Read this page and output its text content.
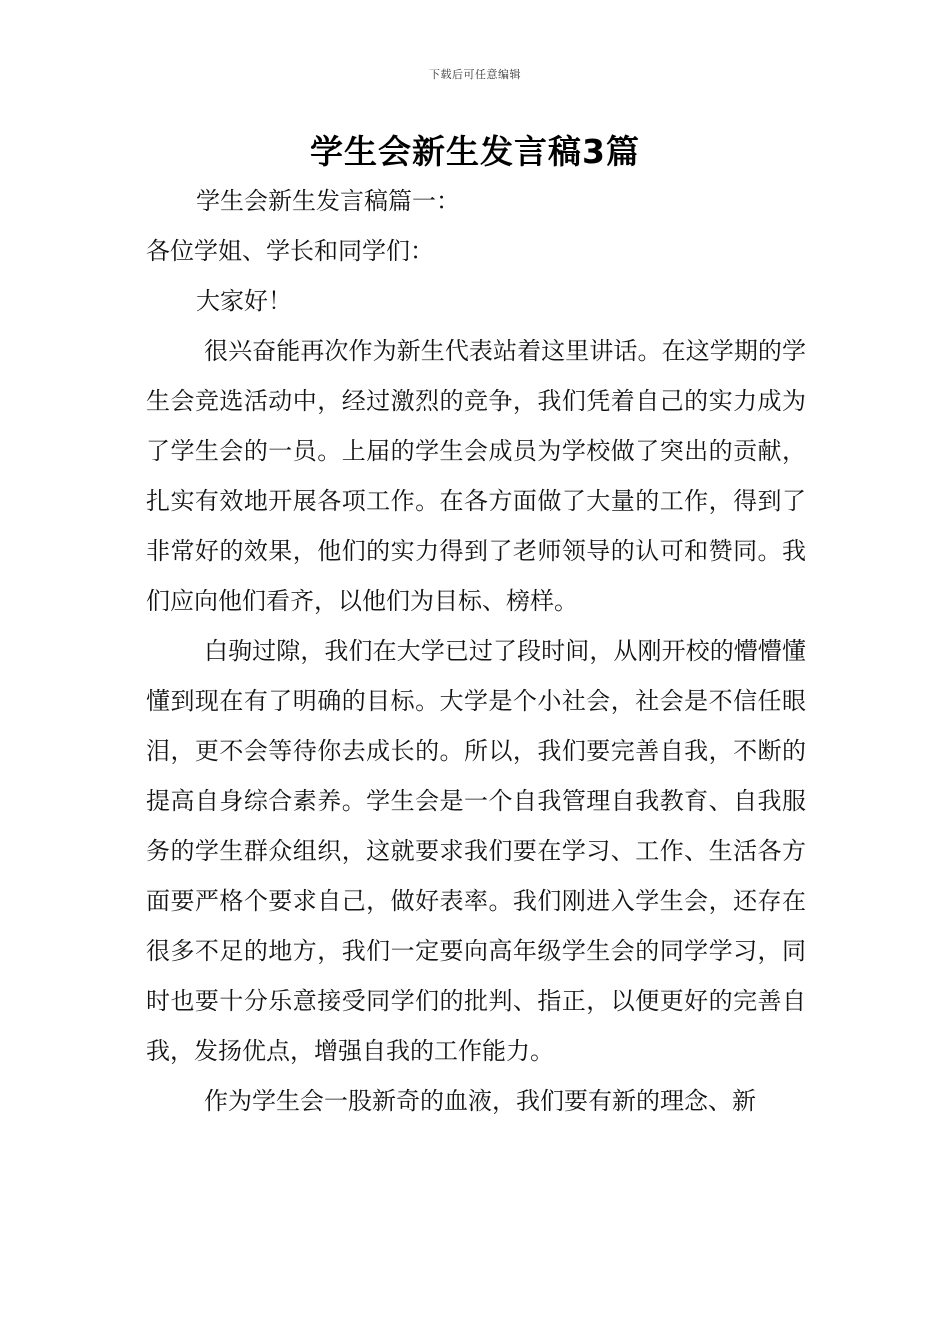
下载后可任意编辑
学生会新生发言稿3篇

学生会新生发言稿篇一：

各位学姐、学长和同学们：

大家好！

很兴奋能再次作为新生代表站着这里讲话。在这学期的学生会竞选活动中，经过激烈的竞争，我们凭着自己的实力成为了学生会的一员。上届的学生会成员为学校做了突出的贡献，扎实有效地开展各项工作。在各方面做了大量的工作，得到了非常好的效果，他们的实力得到了老师领导的认可和赞同。我们应向他们看齐，以他们为目标、榜样。

白驹过隙，我们在大学已过了段时间，从刚开校的懵懵懂懂到现在有了明确的目标。大学是个小社会，社会是不信任眼泪，更不会等待你去成长的。所以，我们要完善自我，不断的提高自身综合素养。学生会是一个自我管理自我教育、自我服务的学生群众组织，这就要求我们要在学习、工作、生活各方面要严格个要求自己，做好表率。我们刚进入学生会，还存在很多不足的地方，我们一定要向高年级学生会的同学学习，同时也要十分乐意接受同学们的批判、指正，以便更好的完善自我，发扬优点，增强自我的工作能力。

作为学生会一股新奇的血液，我们要有新的理念、新
